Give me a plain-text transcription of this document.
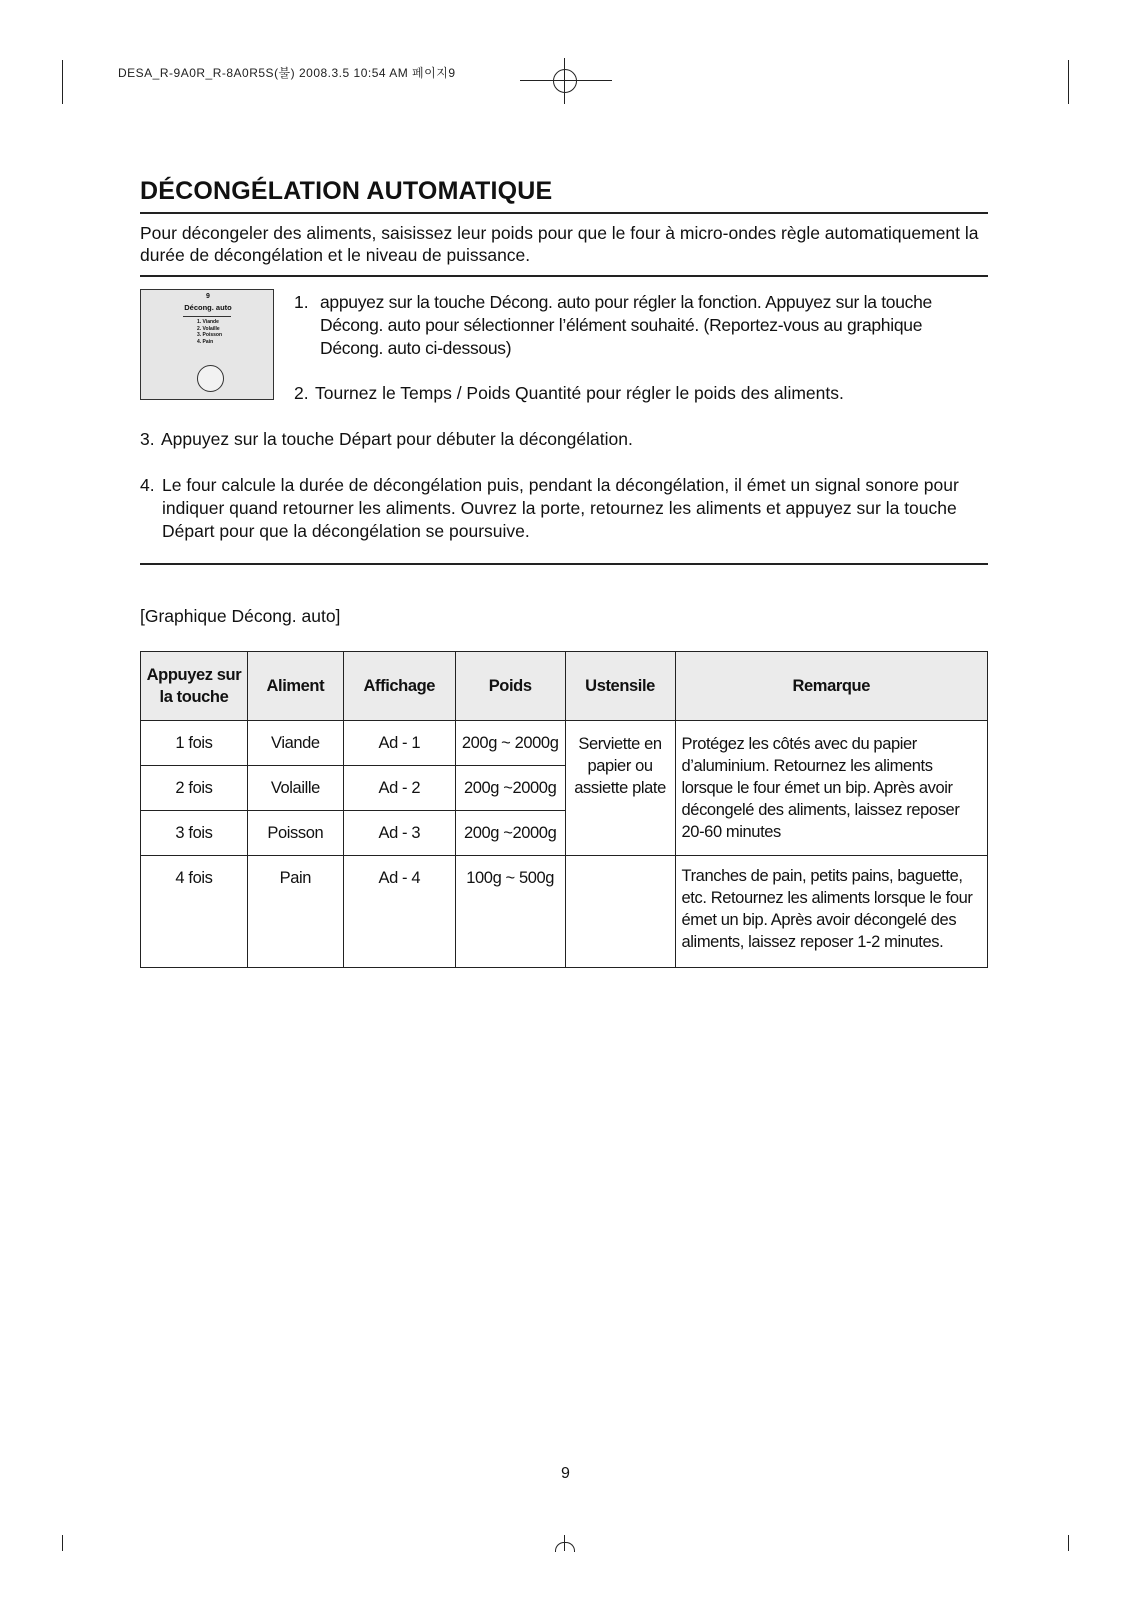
DESA_R-9A0R_R-8A0R5S(불) 2008.3.5 10:54 AM 페이지9
DÉCONGÉLATION AUTOMATIQUE
Pour décongeler des aliments, saisissez leur poids pour que le four à micro-ondes règle automatiquement la durée de décongélation et le niveau de puissance.
9
Décong. auto
1. Viande
2. Volaille
3. Poisson
4. Pain
1. appuyez sur la touche Décong. auto pour régler la fonction. Appuyez sur la touche Décong. auto pour sélectionner l’élément souhaité. (Reportez-vous au graphique Décong. auto ci-dessous)
2. Tournez le Temps / Poids Quantité pour régler le poids des aliments.
3. Appuyez sur la touche Départ pour débuter la décongélation.
4. Le four calcule la durée de décongélation puis, pendant la décongélation, il émet un signal sonore pour indiquer quand retourner les aliments. Ouvrez la porte, retournez les aliments et appuyez sur la touche Départ pour que la décongélation se poursuive.
[Graphique Décong. auto]
Appuyez sur la touche	Aliment	Affichage	Poids	Ustensile	Remarque
1 fois	Viande	Ad - 1	200g ~ 2000g	Serviette en papier ou assiette plate	Protégez les côtés avec du papier d’aluminium. Retournez les aliments lorsque le four émet un bip. Après avoir décongelé des aliments, laissez reposer 20-60 minutes
2 fois	Volaille	Ad - 2	200g ~2000g		
3 fois	Poisson	Ad - 3	200g ~2000g		
4 fois	Pain	Ad - 4	100g ~ 500g		Tranches de pain, petits pains, baguette, etc. Retournez les aliments lorsque le four émet un bip. Après avoir décongelé des aliments, laissez reposer 1-2 minutes.
9
